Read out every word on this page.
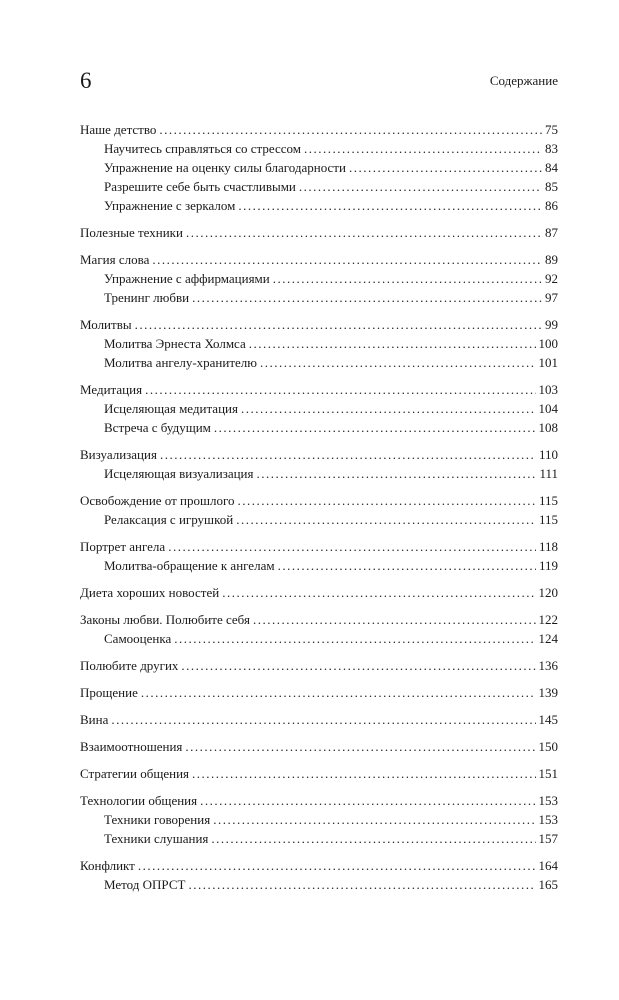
6	Содержание
Наше детство .....	75
Научитесь справляться со стрессом .....	83
Упражнение на оценку силы благодарности .....	84
Разрешите себе быть счастливыми .....	85
Упражнение с зеркалом .....	86
Полезные техники .....	87
Магия слова .....	89
Упражнение с аффирмациями .....	92
Тренинг любви .....	97
Молитвы .....	99
Молитва Эрнеста Холмса .....	100
Молитва ангелу-хранителю .....	101
Медитация .....	103
Исцеляющая медитация .....	104
Встреча с будущим .....	108
Визуализация .....	110
Исцеляющая визуализация .....	111
Освобождение от прошлого .....	115
Релаксация с игрушкой .....	115
Портрет ангела .....	118
Молитва-обращение к ангелам .....	119
Диета хороших новостей .....	120
Законы любви. Полюбите себя .....	122
Самооценка .....	124
Полюбите других .....	136
Прощение .....	139
Вина .....	145
Взаимоотношения .....	150
Стратегии общения .....	151
Технологии общения .....	153
Техники говорения .....	153
Техники слушания .....	157
Конфликт .....	164
Метод ОПРСТ .....	165
